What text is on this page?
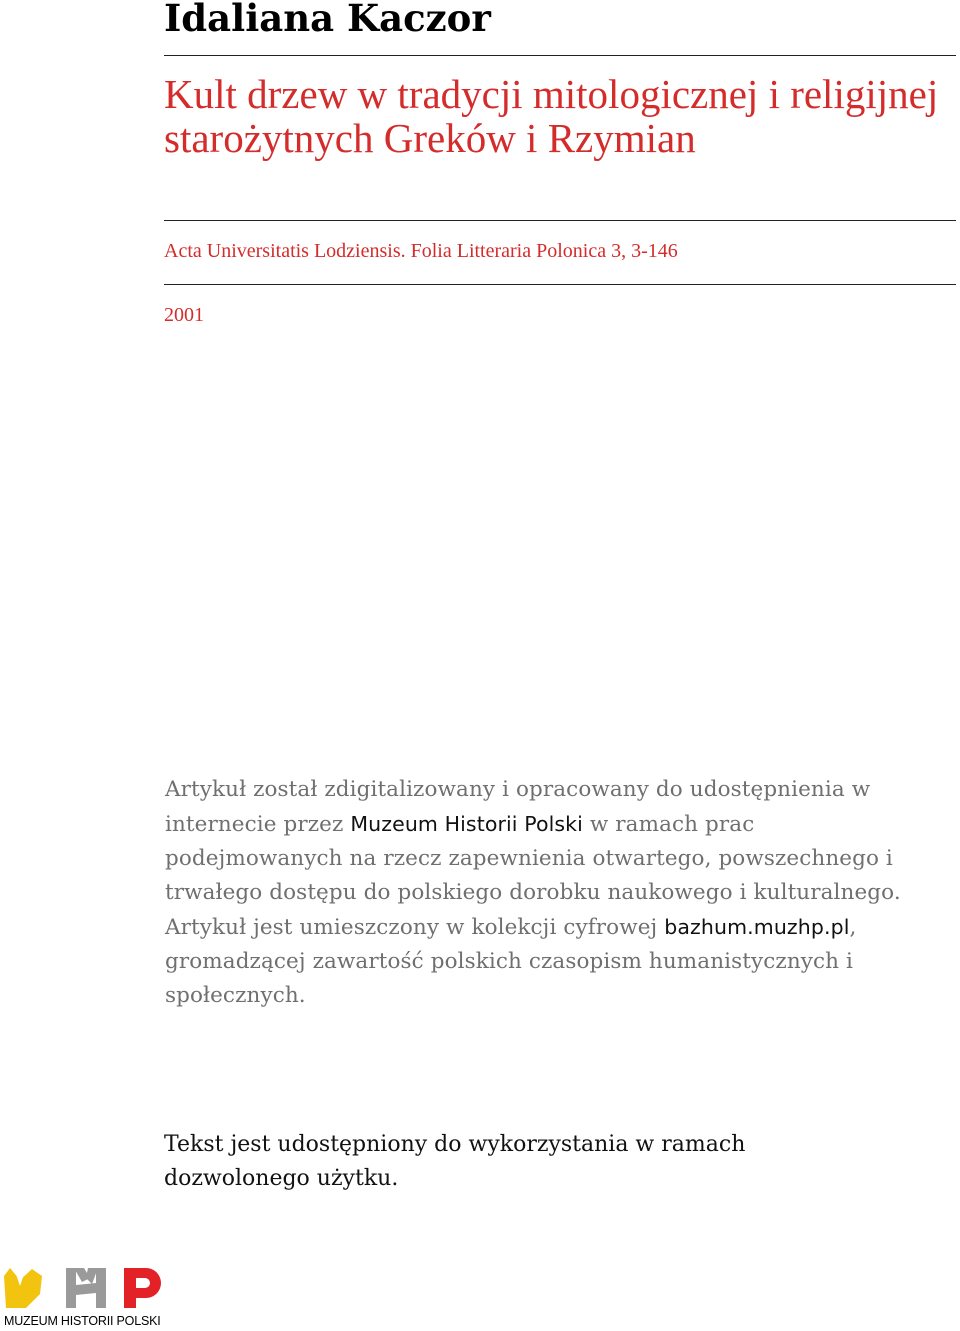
Idaliana Kaczor
Kult drzew w tradycji mitologicznej i religijnej starożytnych Greków i Rzymian

Acta Universitatis Lodziensis. Folia Litteraria Polonica 3, 3-146

2001

Artykuł został zdigitalizowany i opracowany do udostępnienia w internecie przez Muzeum Historii Polski w ramach prac podejmowanych na rzecz zapewnienia otwartego, powszechnego i trwałego dostępu do polskiego dorobku naukowego i kulturalnego. Artykuł jest umieszczony w kolekcji cyfrowej bazhum.muzhp.pl, gromadzącej zawartość polskich czasopism humanistycznych i społecznych.

Tekst jest udostępniony do wykorzystania w ramach dozwolonego użytku.

MUZEUM HISTORII POLSKI
